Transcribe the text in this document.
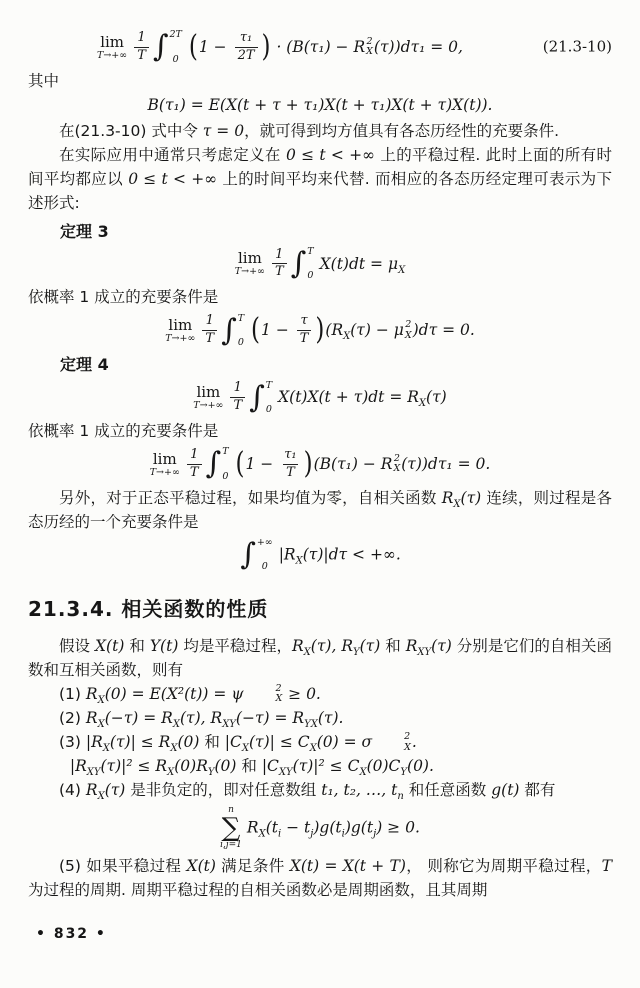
lim
$T\to+\infty \frac{1}{T}$ ∫ 2T
0 ($1 - \frac{\text{τ₁}}{2T}$ ) · (B(τ₁) − R 2
X (τ))dτ₁ = 0,	(21.3-10)
其中
B(τ₁) = E(X(t + τ + τ₁)X(t + τ₁)X(t + τ)X(t)).
在(21.3-10) 式中令 τ = 0，就可得到均方值具有各态历经性的充要条件.
在实际应用中通常只考虑定义在 0 ≤ t < +∞ 上的平稳过程. 此时上面的所有时间平均都应以 0 ≤ t < +∞ 上的时间平均来代替. 而相应的各态历经定理可表示为下述形式:
定理 3
lim
$T\to+\infty \frac{1}{T}$ ∫ T
0
$X(t)dt = \mu_X$
依概率 1 成立的充要条件是
lim
$T\to+\infty \frac{1}{T}$ ∫ T
0 $(1 - \frac{\tau}{T} )(R_X(\tau) - \mu$ 2
X )dτ = 0.
定理 4
lim
$T\to+\infty \frac{1}{T}$ ∫ T
0
$X(t)X(t + \tau)dt = R_X(\tau)$
依概率 1 成立的充要条件是
lim
$T\to+\infty \frac{1}{T}$ ∫ T
0 $(1 - \frac{\text{τ₁}}{T} )(B(\tau_1) - R$ 2
X (τ))dτ₁ = 0.
另外，对于正态平稳过程，如果均值为零，自相关函数 $R_X(\tau)$ 连续，则过程是各态历经的一个充要条件是
∫ +∞
0
$|R_X(\tau)|d\tau$ < +∞.
21.3.4. 相关函数的性质
假设 X(t) 和 Y(t) 均是平稳过程，$R_X(\tau)$, $R_Y(\tau)$ 和 $R_{XY}(\tau)$ 分别是它们的自相关函数和互相关函数，则有
(1) $R_X(0) = E(X^2(t)) = \psi$	2
X ≥ 0.
(2) $R_X(-\tau) = R_X(\tau)$, $R_{XY}(-\tau) = R_{YX}(\tau)$.
(3) $|R_X(\tau)| \le R_X(0)$ 和 $|C_X(\tau)| \le C_X(0) = \sigma$	2
X .
$|R_{XY}(\tau)|^2 \le R_X(0)R_Y(0)$ 和 $|C_{XY}(\tau)|^2 \le C_X(0)C_Y(0)$.
(4) $R_X(\tau)$ 是非负定的，即对任意数组 t₁, t₂, …, $t_n$ 和任意函数 g(t) 都有
n
∑
i,j=1
$R_X(t_i - t_j)g(t_i)g(t_j) \ge 0$.
(5) 如果平稳过程 X(t) 满足条件 X(t) = X(t + T)， 则称它为周期平稳过程，T 为过程的周期. 周期平稳过程的自相关函数必是周期函数，且其周期
• 832 •
